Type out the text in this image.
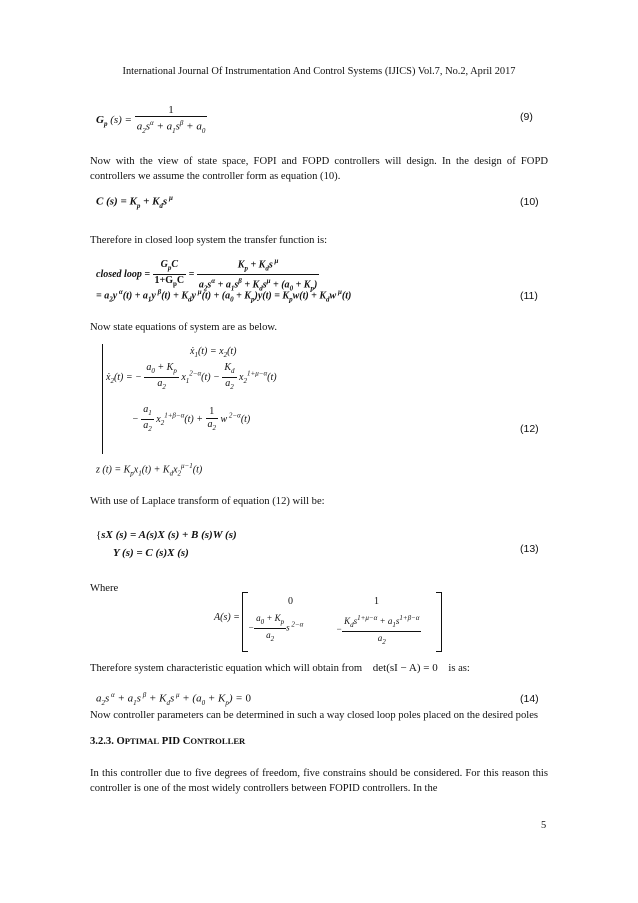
International Journal Of Instrumentation And Control Systems (IJICS) Vol.7, No.2, April 2017
$G_p$ $(s) = \frac{1}{a_2s^\alpha + a_1s^\beta + a_0}$	(9)

Now with the view of state space, FOPI and FOPD controllers will design. In the design of FOPD controllers we assume the controller form as equation (10).

C $(s) = K_p + K_ds$ $^\mu$	(10)

Therefore in closed loop system the transfer function is:

closed loop = $\frac{G_pC}{1+G_pC} = \frac{K_p + K_ds ^\mu}{a_2s^\alpha + a_1s^\beta + K_ds^\mu + (a_0 + K_p)}$
= $a_2y$ $^\alpha(t) + a_1y$ $^\beta(t) + K_dy$ $^\mu(t) + (a_0 + K_p)y(t) = K_pw(t) + K_dw$ $^\mu$(t)	(11)

Now state equations of system are as below.

$ẋ_1(t) = x_2(t)$
$ẋ_2(t)$ = − $\frac{a_0 + K_p}{a_2} x_1^{2-\alpha}(t) - \frac{K_d}{a_2} x_2^{1+\mu-\alpha}(t)$
− $\frac{a_1}{a_2} x_2^{1+\beta-\alpha}(t) + \frac{1}{a_2}$ w $^{2-\alpha}$(t)
z $(t) = K_px_1(t) + K_dx_2^{\mu-1}(t)$
(12)

With use of Laplace transform of equation (12) will be:

{sX (s) = A(s)X (s) + B (s)W (s)
Y (s) = C (s)X (s)	(13)

Where

A(s) =
0	1
− $\frac{a_0 + K_p}{a_2}$ s $^{2-\alpha}$	− $\frac{K_ds^{1+\mu-\alpha} + a_1s^{1+\beta-\alpha}}{a_2}$
Therefore system characteristic equation which will obtain from det(sI − A) = 0 is as:
$a_2s$ $^\alpha + a_1s$ $^\beta + K_ds$ $^\mu + (a_0 + K_p) = 0$	(14)

Now controller parameters can be determined in such a way closed loop poles placed on the desired poles

3.2.3. OPTIMAL PID CONTROLLER

In this controller due to five degrees of freedom, five constrains should be considered. For this reason this controller is one of the most widely controllers between FOPID controllers. In the

5
